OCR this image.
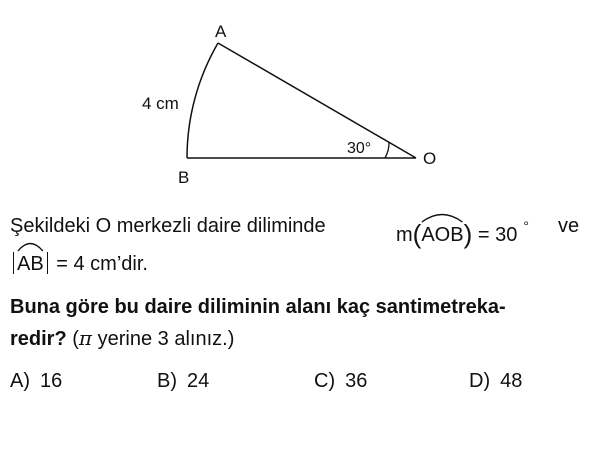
A
B
O
4 cm
30°
Şekildeki O merkezli daire diliminde	m(
AOB) = 30 ° ve
AB = 4 cm’dir.
Buna göre bu daire diliminin alanı kaç santimetreka-
redir? (π yerine 3 alınız.)
A) 16	B) 24	C) 36	D) 48
